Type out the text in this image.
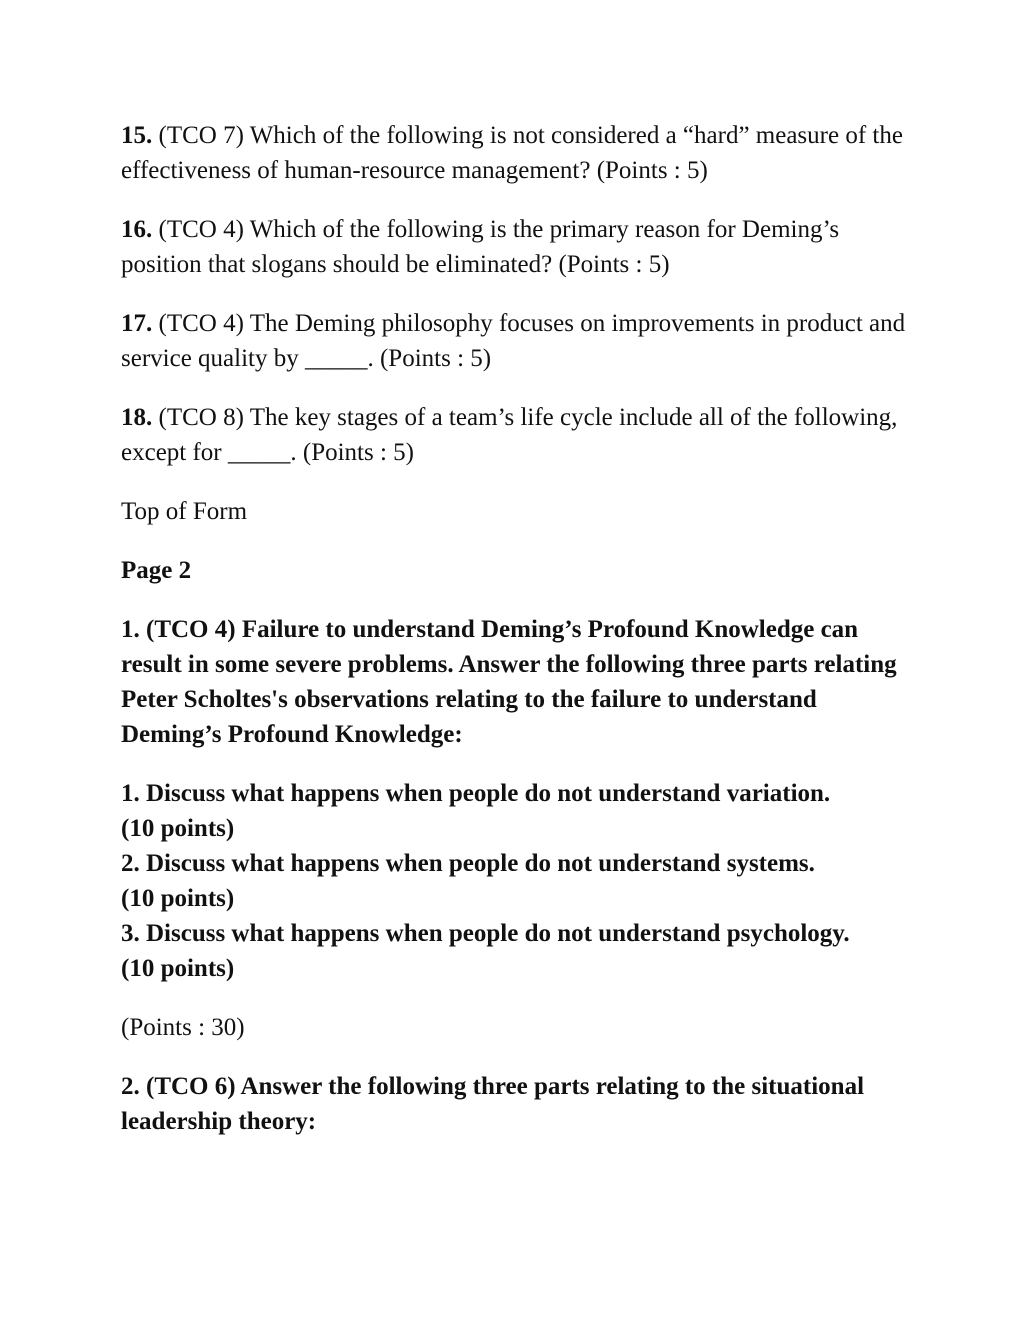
15. (TCO 7) Which of the following is not considered a “hard” measure of the effectiveness of human-resource management? (Points : 5)

16. (TCO 4) Which of the following is the primary reason for Deming’s position that slogans should be eliminated? (Points : 5)

17. (TCO 4) The Deming philosophy focuses on improvements in product and service quality by _____. (Points : 5)

18. (TCO 8) The key stages of a team’s life cycle include all of the following, except for _____. (Points : 5)

Top of Form

Page 2

1. (TCO 4) Failure to understand Deming’s Profound Knowledge can result in some severe problems. Answer the following three parts relating Peter Scholtes's observations relating to the failure to understand Deming’s Profound Knowledge:

1. Discuss what happens when people do not understand variation.
(10 points)
2. Discuss what happens when people do not understand systems.
(10 points)
3. Discuss what happens when people do not understand psychology.
(10 points)

(Points : 30)

2. (TCO 6) Answer the following three parts relating to the situational leadership theory:
